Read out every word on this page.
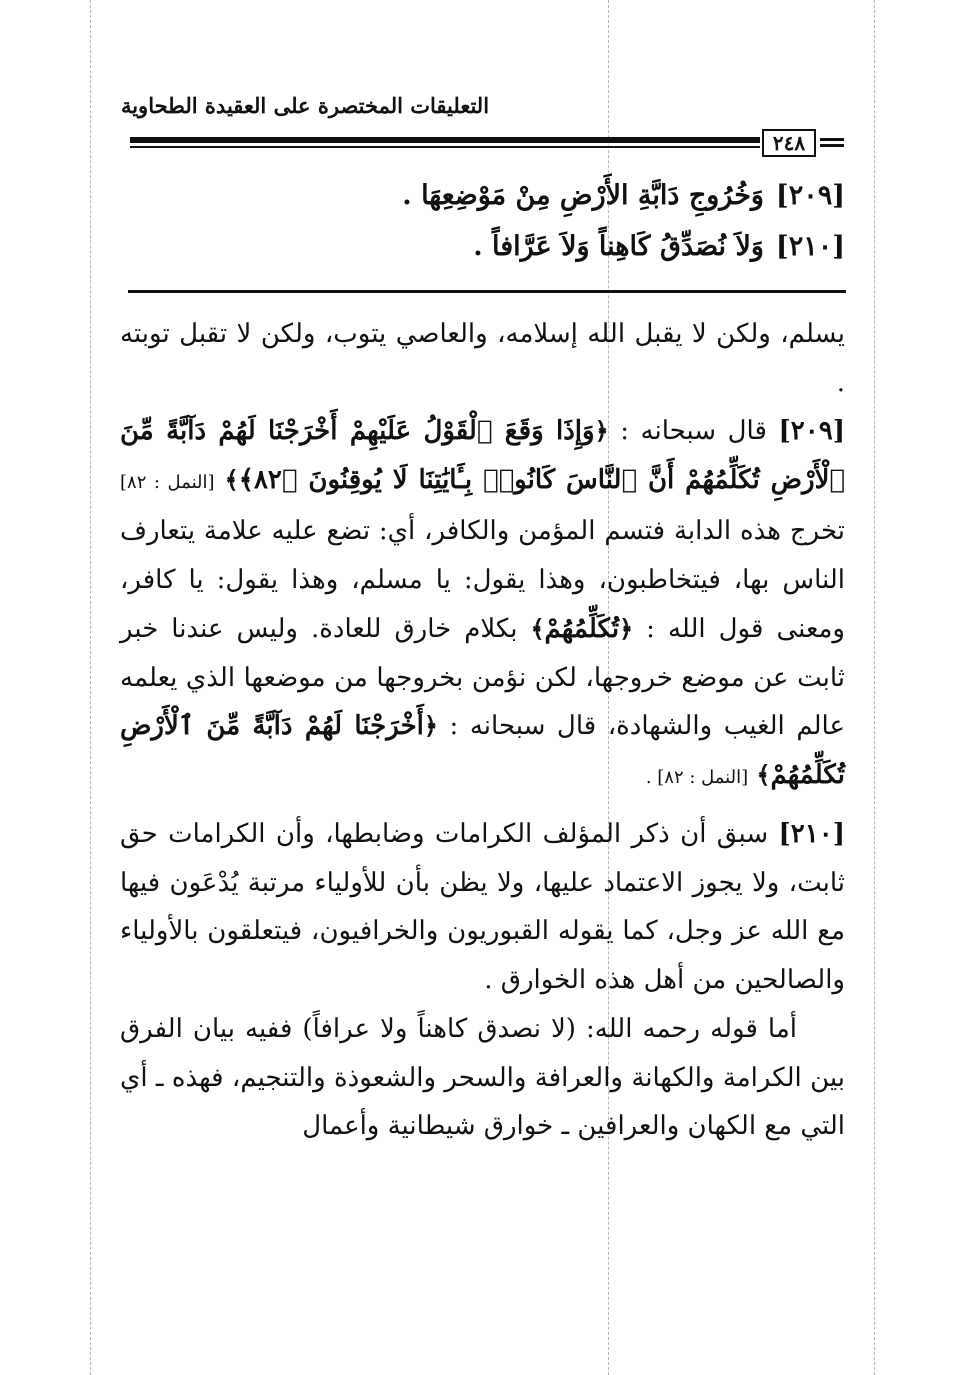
التعليقات المختصرة على العقيدة الطحاوية
٢٤٨
[٢٠٩]وَخُرُوجِ دَابَّةِ الأَرْضِ مِنْ مَوْضِعِهَا .
[٢١٠]وَلاَ نُصَدِّقُ كَاهِناً وَلاَ عَرَّافاً .
يسلم، ولكن لا يقبل الله إسلامه، والعاصي يتوب، ولكن لا تقبل توبته .
[٢٠٩] قال سبحانه : ﴿وَإِذَا وَقَعَ ٱلْقَوْلُ عَلَيْهِمْ أَخْرَجْنَا لَهُمْ دَآبَّةً مِّنَ ٱلْأَرْضِ تُكَلِّمُهُمْ أَنَّ ٱلنَّاسَ كَانُوا۟ بِـَٔايَٰتِنَا لَا يُوقِنُونَ ﴿٨٢﴾﴾ [النمل : ٨٢] تخرج هذه الدابة فتسم المؤمن والكافر، أي: تضع عليه علامة يتعارف الناس بها، فيتخاطبون، وهذا يقول: يا مسلم، وهذا يقول: يا كافر، ومعنى قول الله : ﴿تُكَلِّمُهُمْ﴾ بكلام خارق للعادة. وليس عندنا خبر ثابت عن موضع خروجها، لكن نؤمن بخروجها من موضعها الذي يعلمه عالم الغيب والشهادة، قال سبحانه : ﴿أَخْرَجْنَا لَهُمْ دَآبَّةً مِّنَ ٱلْأَرْضِ تُكَلِّمُهُمْ﴾ [النمل : ٨٢] .
[٢١٠] سبق أن ذكر المؤلف الكرامات وضابطها، وأن الكرامات حق ثابت، ولا يجوز الاعتماد عليها، ولا يظن بأن للأولياء مرتبة يُدْعَون فيها مع الله عز وجل، كما يقوله القبوريون والخرافيون، فيتعلقون بالأولياء والصالحين من أهل هذه الخوارق .
أما قوله رحمه الله: (لا نصدق كاهناً ولا عرافاً) ففيه بيان الفرق بين الكرامة والكهانة والعرافة والسحر والشعوذة والتنجيم، فهذه ـ أي التي مع الكهان والعرافين ـ خوارق شيطانية وأعمال
